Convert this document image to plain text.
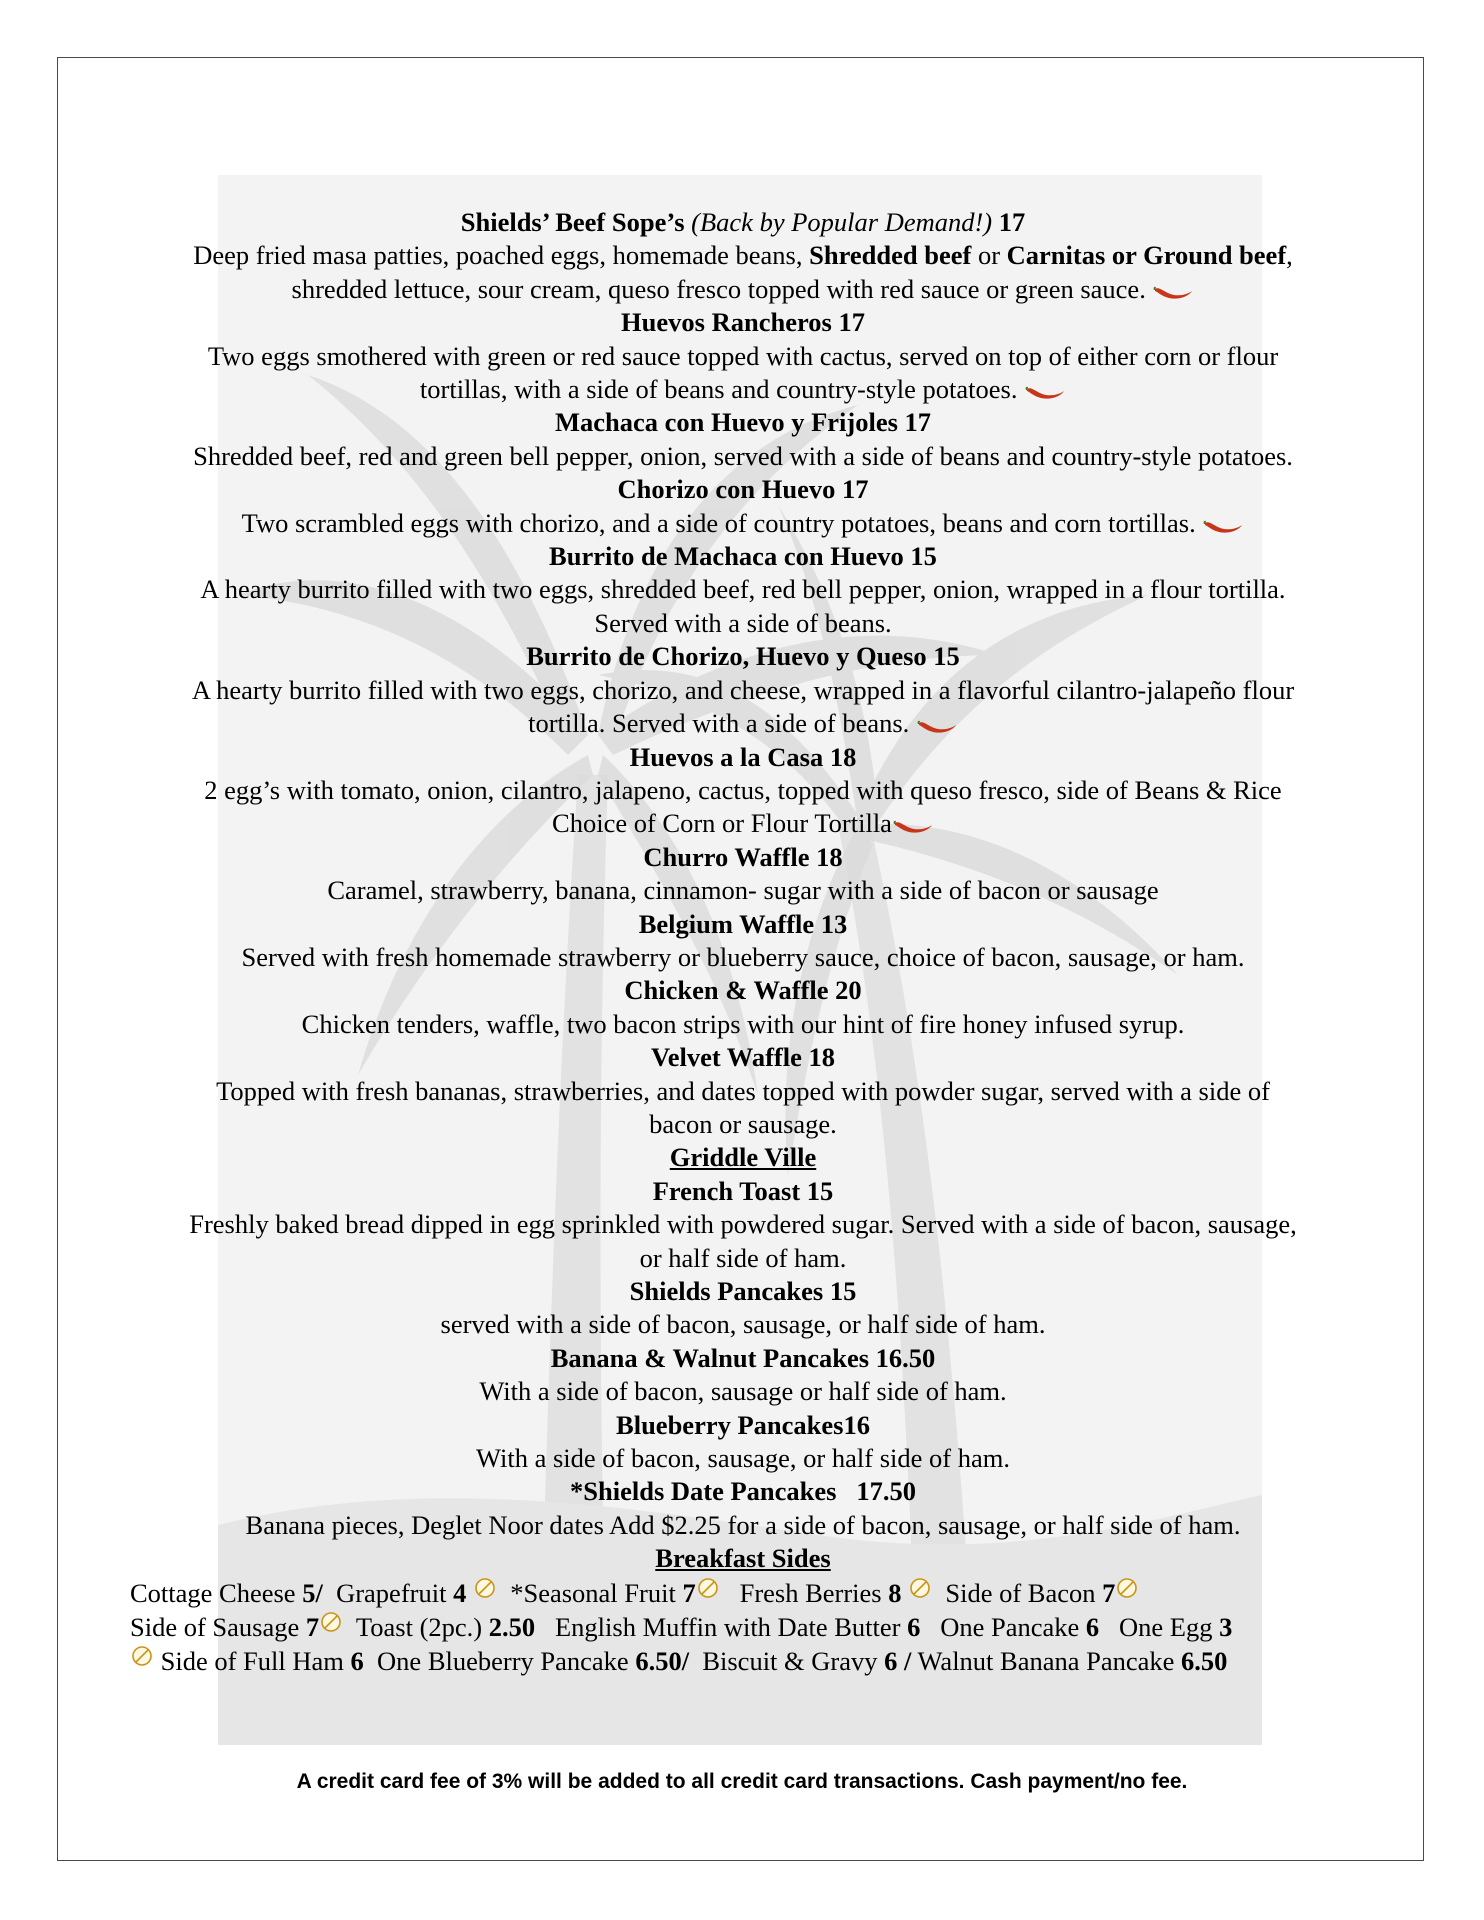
Shields’ Beef Sope’s (Back by Popular Demand!) 17
Deep fried masa patties, poached eggs, homemade beans, Shredded beef or Carnitas or Ground beef,
shredded lettuce, sour cream, queso fresco topped with red sauce or green sauce.
Huevos Rancheros 17
Two eggs smothered with green or red sauce topped with cactus, served on top of either corn or flour
tortillas, with a side of beans and country-style potatoes.
Machaca con Huevo y Frijoles 17
Shredded beef, red and green bell pepper, onion, served with a side of beans and country-style potatoes.
Chorizo con Huevo 17
Two scrambled eggs with chorizo, and a side of country potatoes, beans and corn tortillas.
Burrito de Machaca con Huevo 15
A hearty burrito filled with two eggs, shredded beef, red bell pepper, onion, wrapped in a flour tortilla.
Served with a side of beans.
Burrito de Chorizo, Huevo y Queso 15
A hearty burrito filled with two eggs, chorizo, and cheese, wrapped in a flavorful cilantro-jalapeño flour
tortilla. Served with a side of beans.
Huevos a la Casa 18
2 egg’s with tomato, onion, cilantro, jalapeno, cactus, topped with queso fresco, side of Beans & Rice
Choice of Corn or Flour Tortilla
Churro Waffle 18
Caramel, strawberry, banana, cinnamon- sugar with a side of bacon or sausage
Belgium Waffle 13
Served with fresh homemade strawberry or blueberry sauce, choice of bacon, sausage, or ham.
Chicken & Waffle 20
Chicken tenders, waffle, two bacon strips with our hint of fire honey infused syrup.
Velvet Waffle 18
Topped with fresh bananas, strawberries, and dates topped with powder sugar, served with a side of
bacon or sausage.
Griddle Ville
French Toast 15
Freshly baked bread dipped in egg sprinkled with powdered sugar. Served with a side of bacon, sausage,
or half side of ham.
Shields Pancakes 15
served with a side of bacon, sausage, or half side of ham.
Banana & Walnut Pancakes 16.50
With a side of bacon, sausage or half side of ham.
Blueberry Pancakes16
With a side of bacon, sausage, or half side of ham.
*Shields Date Pancakes   17.50
Banana pieces, Deglet Noor dates Add $2.25 for a side of bacon, sausage, or half side of ham.
Breakfast Sides
Cottage Cheese 5/  Grapefruit 4   *Seasonal Fruit 7   Fresh Berries 8   Side of Bacon 7
Side of Sausage 7  Toast (2pc.) 2.50   English Muffin with Date Butter 6   One Pancake 6   One Egg 3
Side of Full Ham 6  One Blueberry Pancake 6.50/  Biscuit & Gravy 6 / Walnut Banana Pancake 6.50
A credit card fee of 3% will be added to all credit card transactions. Cash payment/no fee.
